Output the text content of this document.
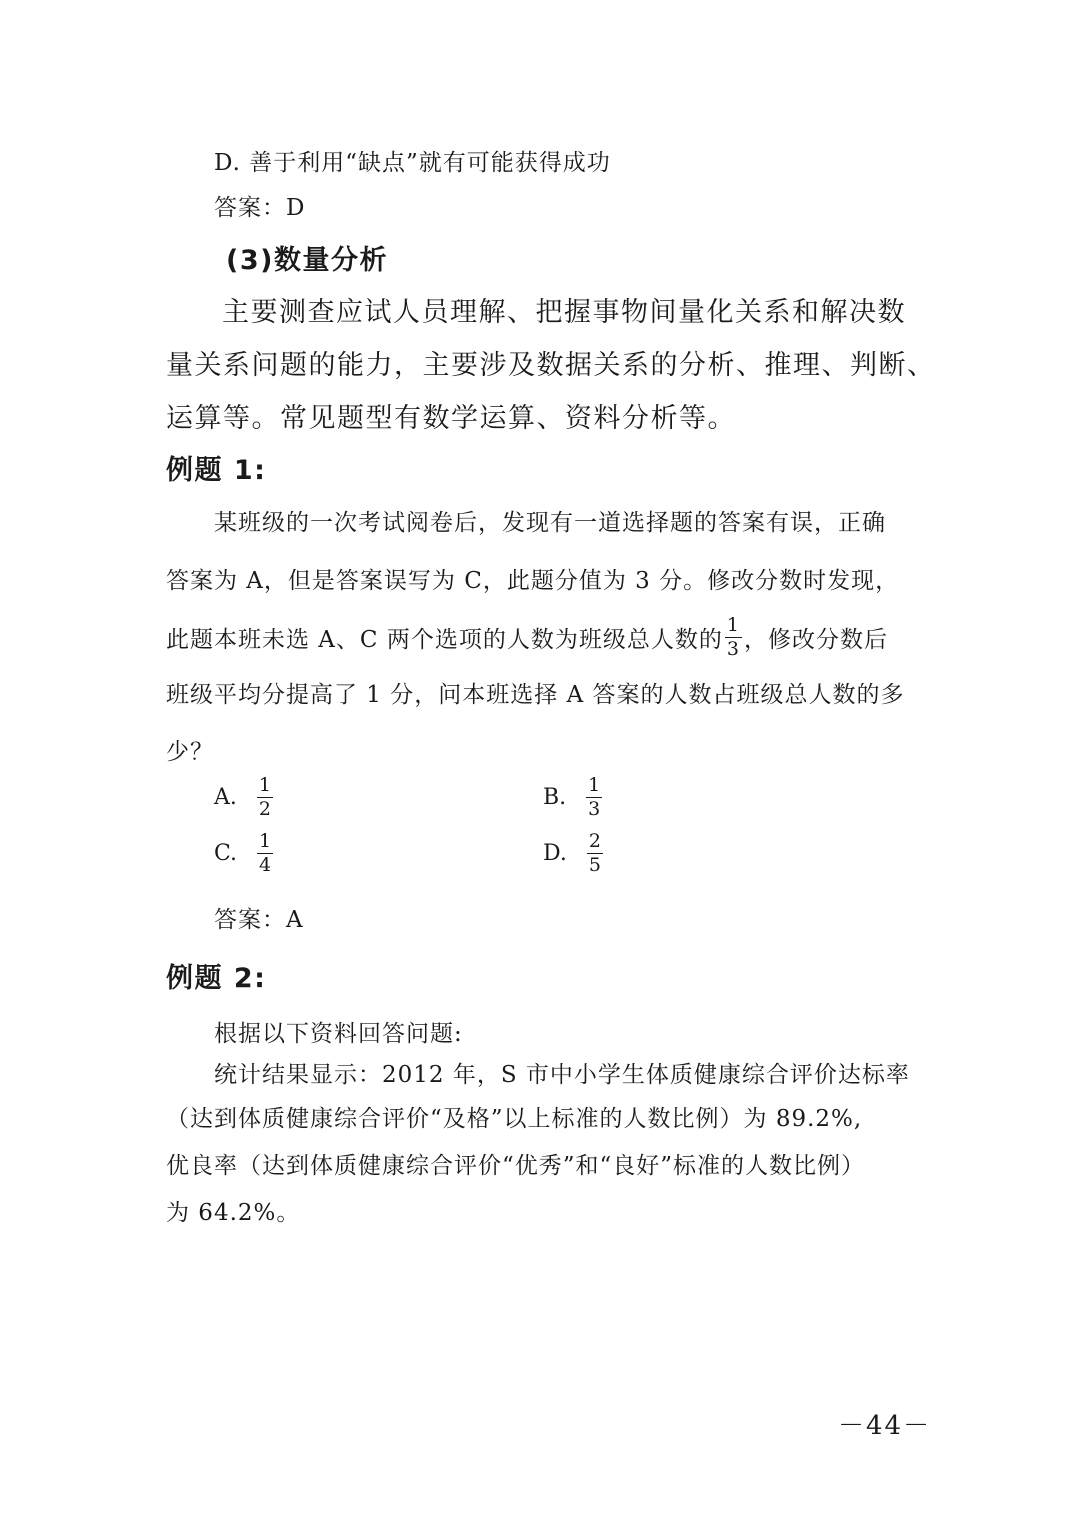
D. 善于利用“缺点”就有可能获得成功
答案：D
(3)数量分析
主要测查应试人员理解、把握事物间量化关系和解决数
量关系问题的能力，主要涉及数据关系的分析、推理、判断、
运算等。常见题型有数学运算、资料分析等。
例题 1:
某班级的一次考试阅卷后，发现有一道选择题的答案有误，正确
答案为 A，但是答案误写为 C，此题分值为 3 分。修改分数时发现，
此题本班未选 A、C 两个选项的人数为班级总人数的 $\frac{1}{3}$ ，修改分数后
班级平均分提高了 1 分，问本班选择 A 答案的人数占班级总人数的多
少？
A. $\frac{1}{2}$	B. $\frac{1}{3}$
C. $\frac{1}{4}$	D. $\frac{2}{5}$
答案：A
例题 2:
根据以下资料回答问题:
统计结果显示：2012 年，S 市中小学生体质健康综合评价达标率
（达到体质健康综合评价“及格”以上标准的人数比例）为 89.2%,
优良率（达到体质健康综合评价“优秀”和“良好”标准的人数比例）
为 64.2%。
－44－
